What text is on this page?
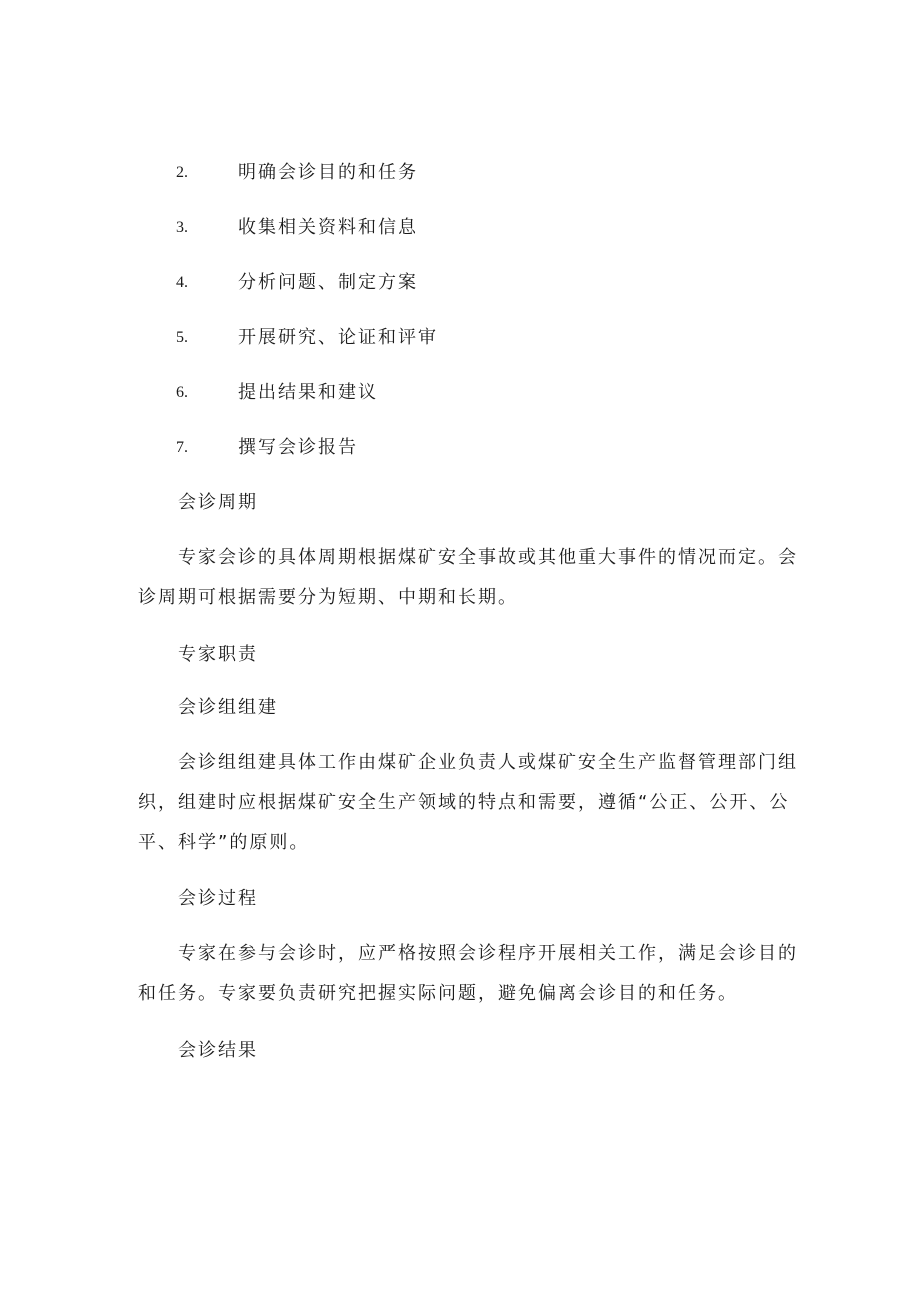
2.	明确会诊目的和任务
3.	收集相关资料和信息
4.	分析问题、制定方案
5.	开展研究、论证和评审
6.	提出结果和建议
7.	撰写会诊报告
会诊周期

专家会诊的具体周期根据煤矿安全事故或其他重大事件的情况而定。会诊周期可根据需要分为短期、中期和长期。

专家职责
会诊组组建

会诊组组建具体工作由煤矿企业负责人或煤矿安全生产监督管理部门组织，组建时应根据煤矿安全生产领域的特点和需要，遵循“公正、公开、公平、科学”的原则。

会诊过程

专家在参与会诊时，应严格按照会诊程序开展相关工作，满足会诊目的和任务。专家要负责研究把握实际问题，避免偏离会诊目的和任务。

会诊结果
